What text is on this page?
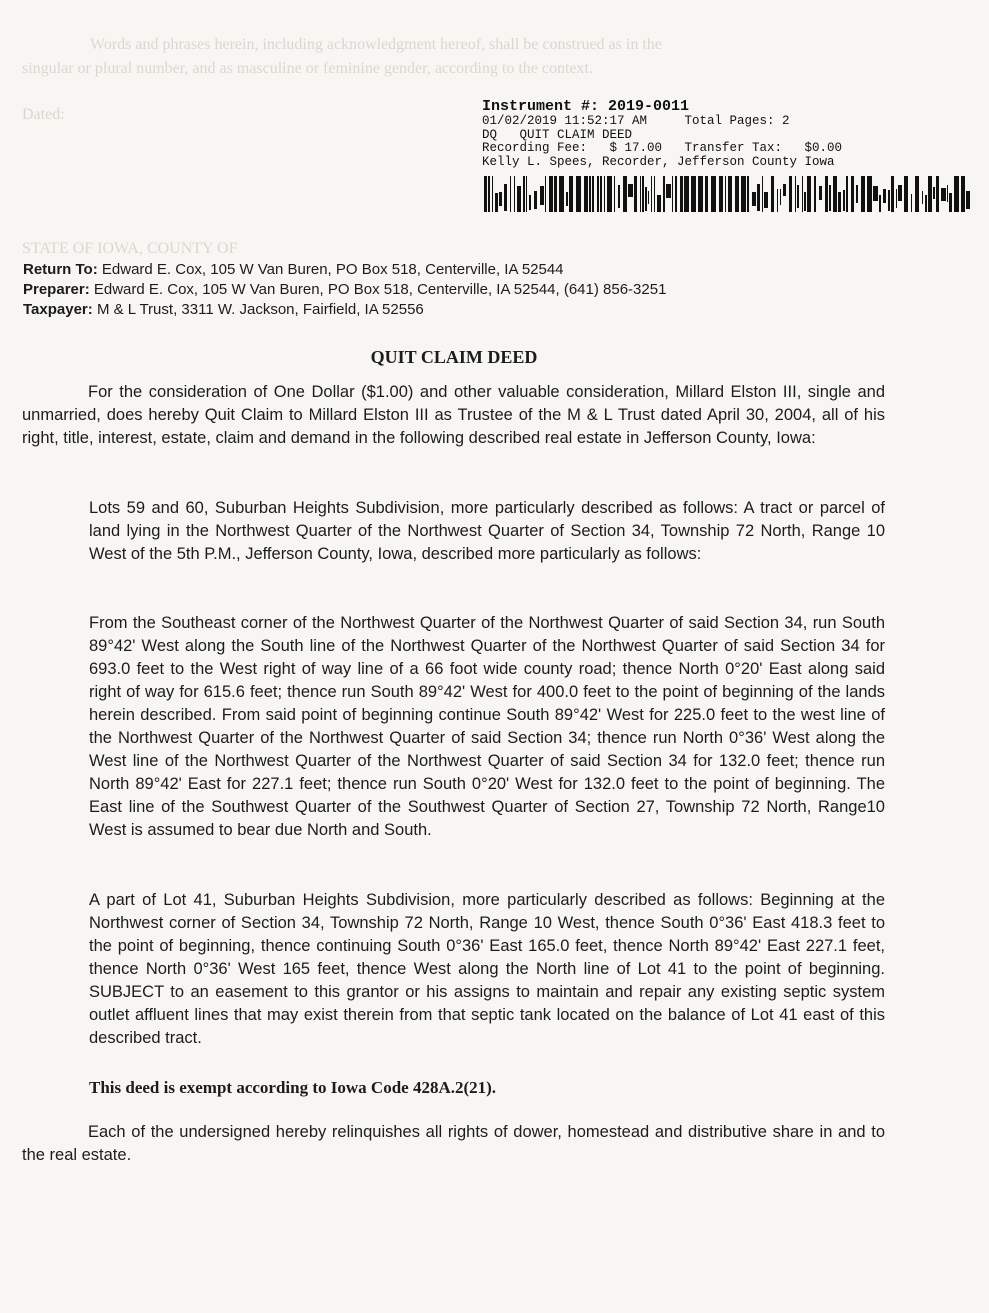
Words and phrases herein, including acknowledgment hereof, shall be construed as in the
singular or plural number, and as masculine or feminine gender, according to the context.
Dated:
STATE OF IOWA, COUNTY OF
Instrument #: 2019-0011
01/02/2019 11:52:17 AM     Total Pages: 2
DQ   QUIT CLAIM DEED
Recording Fee:   $ 17.00   Transfer Tax:   $0.00
Kelly L. Spees, Recorder, Jefferson County Iowa
Return To: Edward E. Cox, 105 W Van Buren, PO Box 518, Centerville, IA 52544
Preparer: Edward E. Cox, 105 W Van Buren, PO Box 518, Centerville, IA 52544, (641) 856-3251
Taxpayer: M & L Trust, 3311 W. Jackson, Fairfield, IA 52556
QUIT CLAIM DEED

For the consideration of One Dollar ($1.00) and other valuable consideration, Millard Elston III, single and unmarried, does hereby Quit Claim to Millard Elston III as Trustee of the M & L Trust dated April 30, 2004, all of his right, title, interest, estate, claim and demand in the following described real estate in Jefferson County, Iowa:

Lots 59 and 60, Suburban Heights Subdivision, more particularly described as follows: A tract or parcel of land lying in the Northwest Quarter of the Northwest Quarter of Section 34, Township 72 North, Range 10 West of the 5th P.M., Jefferson County, Iowa, described more particularly as follows:

From the Southeast corner of the Northwest Quarter of the Northwest Quarter of said Section 34, run South 89°42' West along the South line of the Northwest Quarter of the Northwest Quarter of said Section 34 for 693.0 feet to the West right of way line of a 66 foot wide county road; thence North 0°20' East along said right of way for 615.6 feet; thence run South 89°42' West for 400.0 feet to the point of beginning of the lands herein described. From said point of beginning continue South 89°42' West for 225.0 feet to the west line of the Northwest Quarter of the Northwest Quarter of said Section 34; thence run North 0°36' West along the West line of the Northwest Quarter of the Northwest Quarter of said Section 34 for 132.0 feet; thence run North 89°42' East for 227.1 feet; thence run South 0°20' West for 132.0 feet to the point of beginning. The East line of the Southwest Quarter of the Southwest Quarter of Section 27, Township 72 North, Range10 West is assumed to bear due North and South.

A part of Lot 41, Suburban Heights Subdivision, more particularly described as follows: Beginning at the Northwest corner of Section 34, Township 72 North, Range 10 West, thence South 0°36' East 418.3 feet to the point of beginning, thence continuing South 0°36' East 165.0 feet, thence North 89°42' East 227.1 feet, thence North 0°36' West 165 feet, thence West along the North line of Lot 41 to the point of beginning. SUBJECT to an easement to this grantor or his assigns to maintain and repair any existing septic system outlet affluent lines that may exist therein from that septic tank located on the balance of Lot 41 east of this described tract.

This deed is exempt according to Iowa Code 428A.2(21).

Each of the undersigned hereby relinquishes all rights of dower, homestead and distributive share in and to the real estate.
